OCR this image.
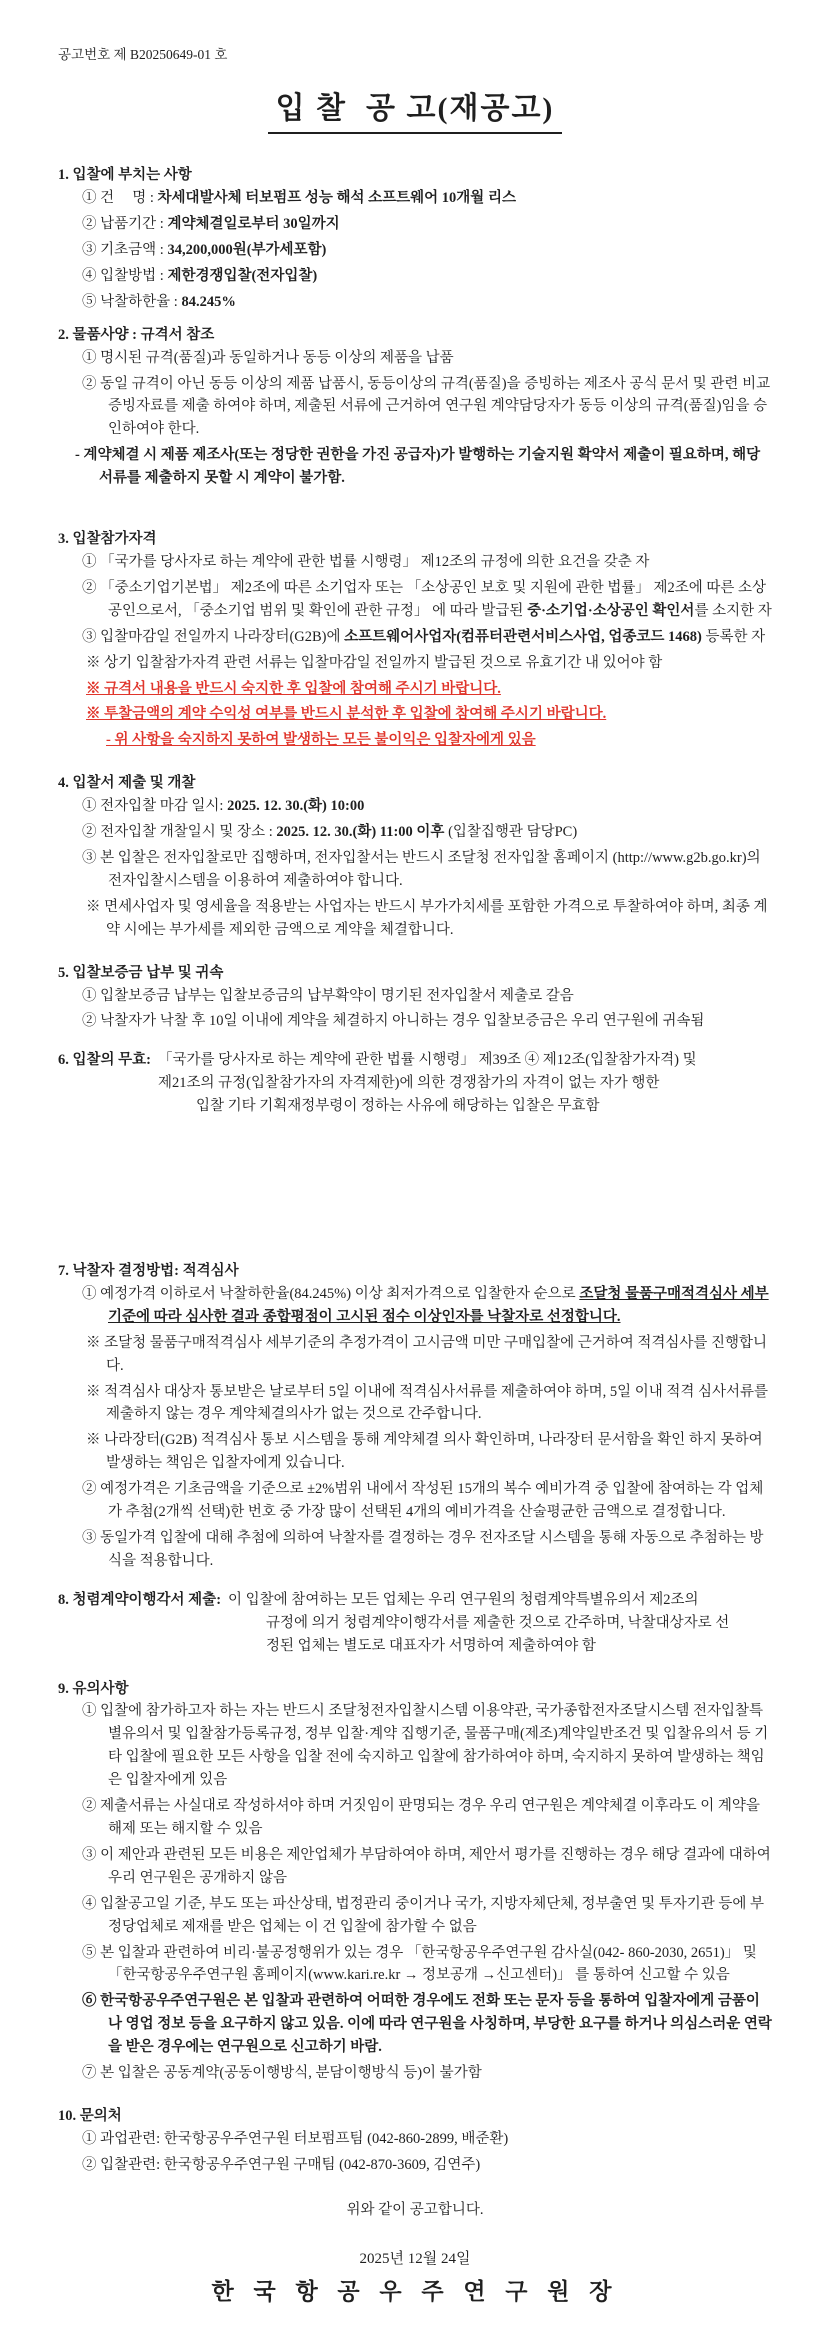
공고번호 제 B20250649-01 호
입 찰  공 고(재공고)
1. 입찰에 부치는 사항
① 건     명 : 차세대발사체 터보펌프 성능 해석 소프트웨어 10개월 리스
② 납품기간 : 계약체결일로부터 30일까지
③ 기초금액 : 34,200,000원(부가세포함)
④ 입찰방법 : 제한경쟁입찰(전자입찰)
⑤ 낙찰하한율 : 84.245%
2. 물품사양 : 규격서 참조
① 명시된 규격(품질)과 동일하거나 동등 이상의 제품을 납품
② 동일 규격이 아닌 동등 이상의 제품 납품시, 동등이상의 규격(품질)을 증빙하는 제조사 공식 문서 및 관련 비교증빙자료를 제출 하여야 하며, 제출된 서류에 근거하여 연구원 계약담당자가 동등 이상의 규격(품질)임을 승인하여야 한다.
- 계약체결 시 제품 제조사(또는 정당한 권한을 가진 공급자)가 발행하는 기술지원 확약서 제출이 필요하며, 해당 서류를 제출하지 못할 시 계약이 불가함.
3. 입찰참가자격
① 「국가를 당사자로 하는 계약에 관한 법률 시행령」 제12조의 규정에 의한 요건을 갖춘 자
② 「중소기업기본법」 제2조에 따른 소기업자 또는 「소상공인 보호 및 지원에 관한 법률」 제2조에 따른 소상공인으로서, 「중소기업 범위 및 확인에 관한 규정」 에 따라 발급된 중·소기업·소상공인 확인서를 소지한 자
③ 입찰마감일 전일까지 나라장터(G2B)에 소프트웨어사업자(컴퓨터관련서비스사업, 업종코드 1468) 등록한 자
※ 상기 입찰참가자격 관련 서류는 입찰마감일 전일까지 발급된 것으로 유효기간 내 있어야 함
※ 규격서 내용을 반드시 숙지한 후 입찰에 참여해 주시기 바랍니다.
※ 투찰금액의 계약 수익성 여부를 반드시 분석한 후 입찰에 참여해 주시기 바랍니다.
- 위 사항을 숙지하지 못하여 발생하는 모든 불이익은 입찰자에게 있음
4. 입찰서 제출 및 개찰
① 전자입찰 마감 일시: 2025. 12. 30.(화) 10:00
② 전자입찰 개찰일시 및 장소 : 2025. 12. 30.(화) 11:00 이후 (입찰집행관 담당PC)
③ 본 입찰은 전자입찰로만 집행하며, 전자입찰서는 반드시 조달청 전자입찰 홈페이지 (http://www.g2b.go.kr)의 전자입찰시스템을 이용하여 제출하여야 합니다.
※ 면세사업자 및 영세율을 적용받는 사업자는 반드시 부가가치세를 포함한 가격으로 투찰하여야 하며, 최종 계약 시에는 부가세를 제외한 금액으로 계약을 체결합니다.
5. 입찰보증금 납부 및 귀속
① 입찰보증금 납부는 입찰보증금의 납부확약이 명기된 전자입찰서 제출로 갈음
② 낙찰자가 낙찰 후 10일 이내에 계약을 체결하지 아니하는 경우 입찰보증금은 우리 연구원에 귀속됨
6. 입찰의 무효: 「국가를 당사자로 하는 계약에 관한 법률 시행령」 제39조 ④ 제12조(입찰참가자격) 및
제21조의 규정(입찰참가자의 자격제한)에 의한 경쟁참가의 자격이 없는 자가 행한
입찰 기타 기획재정부령이 정하는 사유에 해당하는 입찰은 무효함
7. 낙찰자 결정방법: 적격심사
① 예정가격 이하로서 낙찰하한율(84.245%) 이상 최저가격으로 입찰한자 순으로 조달청 물품구매적격심사 세부기준에 따라 심사한 결과 종합평점이 고시된 점수 이상인자를 낙찰자로 선정합니다.
※ 조달청 물품구매적격심사 세부기준의 추정가격이 고시금액 미만 구매입찰에 근거하여 적격심사를 진행합니다.
※ 적격심사 대상자 통보받은 날로부터 5일 이내에 적격심사서류를 제출하여야 하며, 5일 이내 적격 심사서류를 제출하지 않는 경우 계약체결의사가 없는 것으로 간주합니다.
※ 나라장터(G2B) 적격심사 통보 시스템을 통해 계약체결 의사 확인하며, 나라장터 문서함을 확인 하지 못하여 발생하는 책임은 입찰자에게 있습니다.
② 예정가격은 기초금액을 기준으로 ±2%범위 내에서 작성된 15개의 복수 예비가격 중 입찰에 참여하는 각 업체가 추첨(2개씩 선택)한 번호 중 가장 많이 선택된 4개의 예비가격을 산술평균한 금액으로 결정합니다.
③ 동일가격 입찰에 대해 추첨에 의하여 낙찰자를 결정하는 경우 전자조달 시스템을 통해 자동으로 추첨하는 방식을 적용합니다.
8. 청렴계약이행각서 제출: 이 입찰에 참여하는 모든 업체는 우리 연구원의 청렴계약특별유의서 제2조의
규정에 의거 청렴계약이행각서를 제출한 것으로 간주하며, 낙찰대상자로 선
정된 업체는 별도로 대표자가 서명하여 제출하여야 함
9. 유의사항
① 입찰에 참가하고자 하는 자는 반드시 조달청전자입찰시스템 이용약관, 국가종합전자조달시스템 전자입찰특별유의서 및 입찰참가등록규정, 정부 입찰·계약 집행기준, 물품구매(제조)계약일반조건 및 입찰유의서 등 기타 입찰에 필요한 모든 사항을 입찰 전에 숙지하고 입찰에 참가하여야 하며, 숙지하지 못하여 발생하는 책임은 입찰자에게 있음
② 제출서류는 사실대로 작성하셔야 하며 거짓임이 판명되는 경우 우리 연구원은 계약체결 이후라도 이 계약을 해제 또는 해지할 수 있음
③ 이 제안과 관련된 모든 비용은 제안업체가 부담하여야 하며, 제안서 평가를 진행하는 경우 해당 결과에 대하여 우리 연구원은 공개하지 않음
④ 입찰공고일 기준, 부도 또는 파산상태, 법정관리 중이거나 국가, 지방자체단체, 정부출연 및 투자기관 등에 부정당업체로 제재를 받은 업체는 이 건 입찰에 참가할 수 없음
⑤ 본 입찰과 관련하여 비리·불공정행위가 있는 경우 「한국항공우주연구원 감사실(042- 860-2030, 2651)」 및 「한국항공우주연구원 홈페이지(www.kari.re.kr → 정보공개 →신고센터)」 를 통하여 신고할 수 있음
⑥ 한국항공우주연구원은 본 입찰과 관련하여 어떠한 경우에도 전화 또는 문자 등을 통하여 입찰자에게 금품이나 영업 정보 등을 요구하지 않고 있음. 이에 따라 연구원을 사칭하며, 부당한 요구를 하거나 의심스러운 연락을 받은 경우에는 연구원으로 신고하기 바람.
⑦ 본 입찰은 공동계약(공동이행방식, 분담이행방식 등)이 불가함
10. 문의처
① 과업관련: 한국항공우주연구원 터보펌프팀 (042-860-2899, 배준환)
② 입찰관련: 한국항공우주연구원 구매팀 (042-870-3609, 김연주)
위와 같이 공고합니다.
2025년 12월 24일
한 국 항 공 우 주 연 구 원 장
